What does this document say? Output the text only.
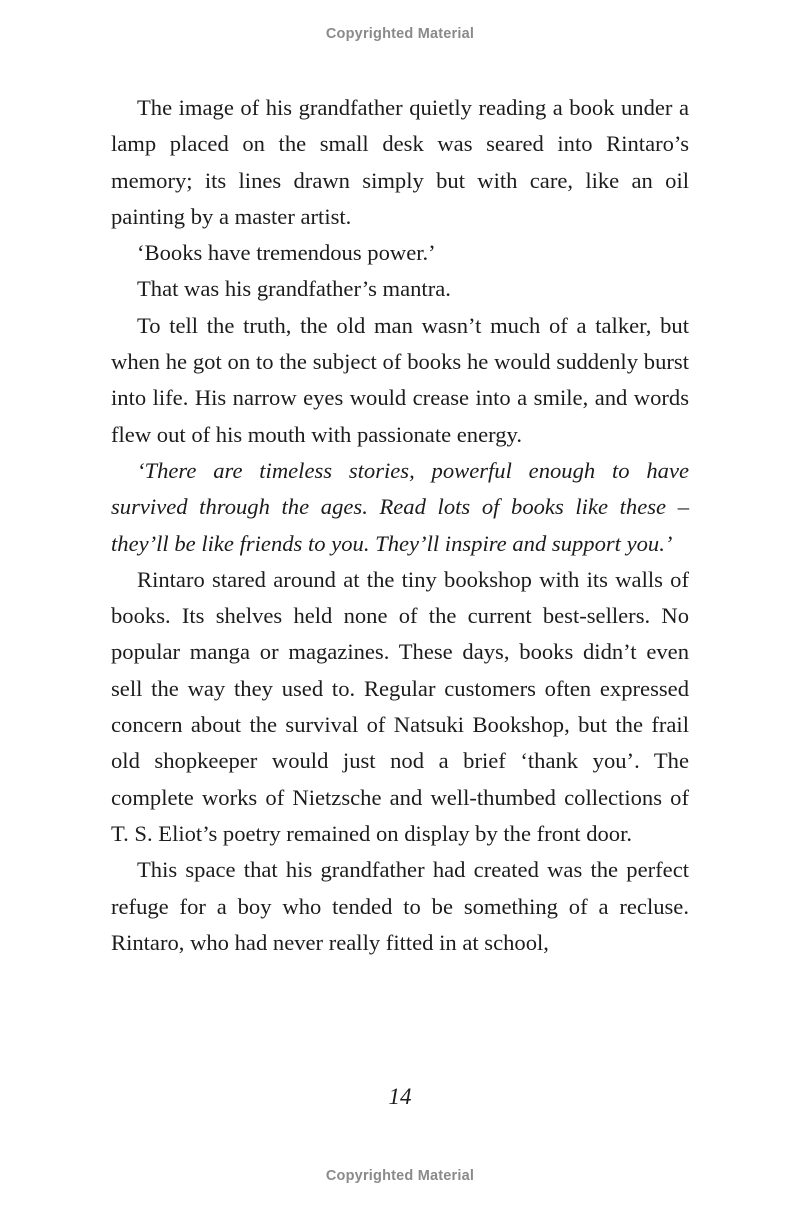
Copyrighted Material

The image of his grandfather quietly reading a book under a lamp placed on the small desk was seared into Rintaro’s memory; its lines drawn simply but with care, like an oil painting by a master artist.

‘Books have tremendous power.’

That was his grandfather’s mantra.

To tell the truth, the old man wasn’t much of a talker, but when he got on to the subject of books he would suddenly burst into life. His narrow eyes would crease into a smile, and words flew out of his mouth with passionate energy.

‘There are timeless stories, powerful enough to have survived through the ages. Read lots of books like these – they’ll be like friends to you. They’ll inspire and support you.’

Rintaro stared around at the tiny bookshop with its walls of books. Its shelves held none of the current best-sellers. No popular manga or magazines. These days, books didn’t even sell the way they used to. Regular customers often expressed concern about the survival of Natsuki Bookshop, but the frail old shopkeeper would just nod a brief ‘thank you’. The complete works of Nietzsche and well-thumbed collections of T. S. Eliot’s poetry remained on display by the front door.

This space that his grandfather had created was the perfect refuge for a boy who tended to be something of a recluse. Rintaro, who had never really fitted in at school,

14
Copyrighted Material
